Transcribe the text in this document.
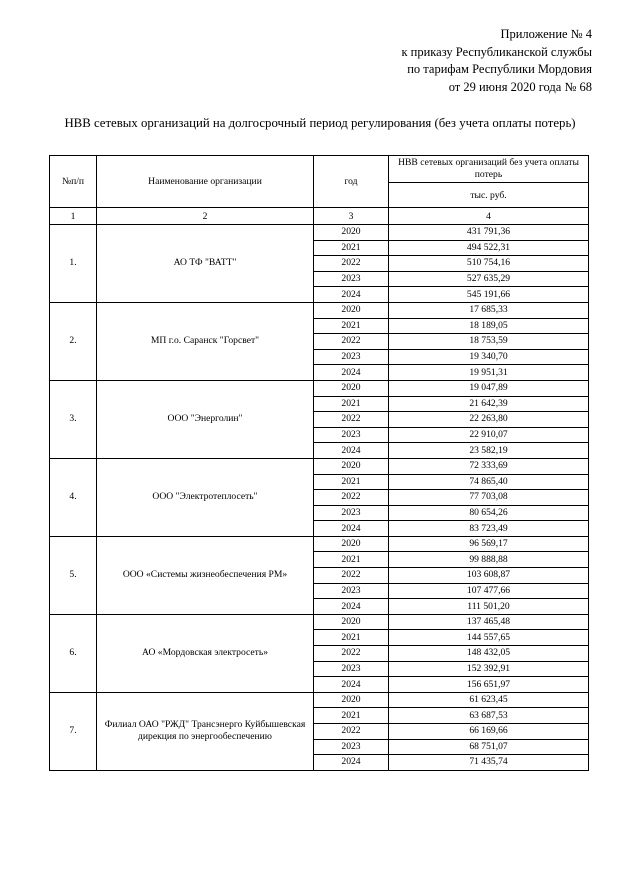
Приложение № 4
к приказу Республиканской службы
по тарифам Республики Мордовия
от 29 июня 2020 года № 68
НВВ сетевых организаций на долгосрочный период регулирования (без учета оплаты потерь)
№п/п	Наименование организации	год	НВВ сетевых организаций без учета оплаты потерь
			тыс. руб.
1	2	3	4
1.	АО ТФ "ВАТТ"	2020	431 791,36
		2021	494 522,31
		2022	510 754,16
		2023	527 635,29
		2024	545 191,66
2.	МП г.о. Саранск "Горсвет"	2020	17 685,33
		2021	18 189,05
		2022	18 753,59
		2023	19 340,70
		2024	19 951,31
3.	ООО "Энерголин"	2020	19 047,89
		2021	21 642,39
		2022	22 263,80
		2023	22 910,07
		2024	23 582,19
4.	ООО "Электротеплосеть"	2020	72 333,69
		2021	74 865,40
		2022	77 703,08
		2023	80 654,26
		2024	83 723,49
5.	ООО «Системы жизнеобеспечения РМ»	2020	96 569,17
		2021	99 888,88
		2022	103 608,87
		2023	107 477,66
		2024	111 501,20
6.	АО «Мордовская электросеть»	2020	137 465,48
		2021	144 557,65
		2022	148 432,05
		2023	152 392,91
		2024	156 651,97
7.	Филиал ОАО "РЖД" Трансэнерго Куйбышевская дирекция по энергообеспечению	2020	61 623,45
		2021	63 687,53
		2022	66 169,66
		2023	68 751,07
		2024	71 435,74
